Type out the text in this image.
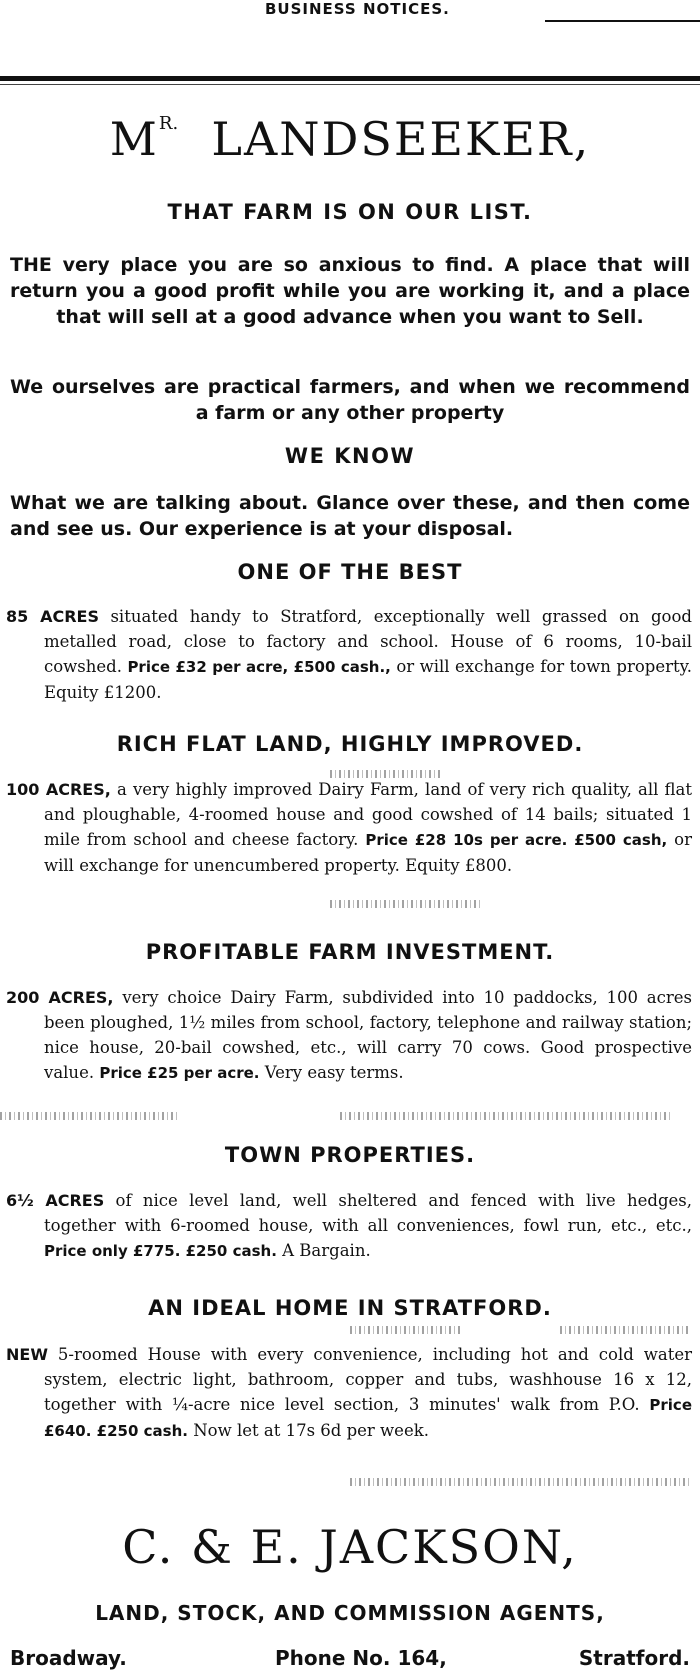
BUSINESS NOTICES.
$M^{R.}$ LANDSEEKER,
THAT FARM IS ON OUR LIST.
THE very place you are so anxious to find. A place that will return you a good profit while you are working it, and a place that will sell at a good advance when you want to Sell.
We ourselves are practical farmers, and when we recommend a farm or any other property
WE KNOW
What we are talking about. Glance over these, and then come and see us. Our experience is at your disposal.
ONE OF THE BEST
85 ACRES situated handy to Stratford, exceptionally well grassed on good metalled road, close to factory and school. House of 6 rooms, 10-bail cowshed. Price £32 per acre, £500 cash., or will exchange for town property. Equity £1200.
RICH FLAT LAND, HIGHLY IMPROVED.
100 ACRES, a very highly improved Dairy Farm, land of very rich quality, all flat and ploughable, 4-roomed house and good cowshed of 14 bails; situated 1 mile from school and cheese factory. Price £28 10s per acre. £500 cash, or will exchange for unencumbered property. Equity £800.
PROFITABLE FARM INVESTMENT.
200 ACRES, very choice Dairy Farm, subdivided into 10 paddocks, 100 acres been ploughed, 1½ miles from school, factory, telephone and railway station; nice house, 20-bail cowshed, etc., will carry 70 cows. Good prospective value. Price £25 per acre. Very easy terms.
TOWN PROPERTIES.
6½ ACRES of nice level land, well sheltered and fenced with live hedges, together with 6-roomed house, with all conveniences, fowl run, etc., etc., Price only £775. £250 cash. A Bargain.
AN IDEAL HOME IN STRATFORD.
NEW 5-roomed House with every convenience, including hot and cold water system, electric light, bathroom, copper and tubs, washhouse 16 x 12, together with ¼-acre nice level section, 3 minutes' walk from P.O. Price £640. £250 cash. Now let at 17s 6d per week.
C. & E. JACKSON,
LAND, STOCK, AND COMMISSION AGENTS,
Broadway.	Phone No. 164,	Stratford.
